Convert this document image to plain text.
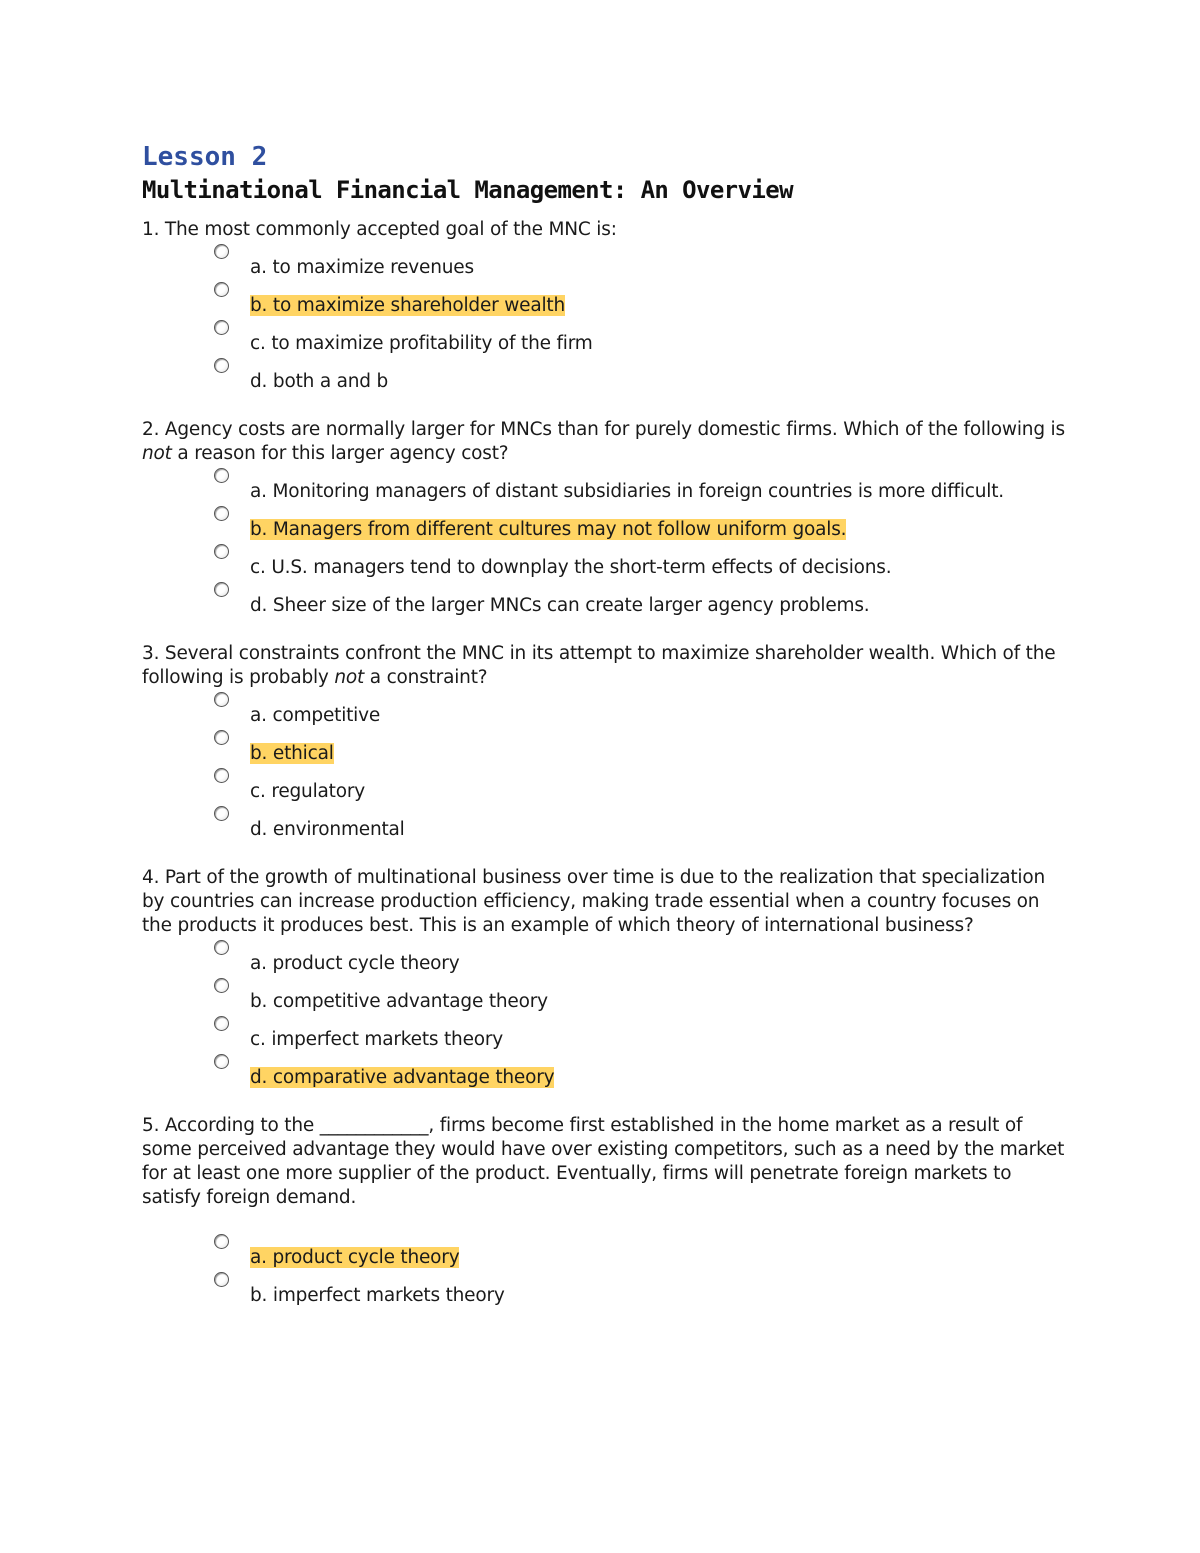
Lesson 2
Multinational Financial Management: An Overview

1. The most commonly accepted goal of the MNC is:

a. to maximize revenues
b. to maximize shareholder wealth
c. to maximize profitability of the firm
d. both a and b

2. Agency costs are normally larger for MNCs than for purely domestic firms. Which of the following is not a reason for this larger agency cost?

a. Monitoring managers of distant subsidiaries in foreign countries is more difficult.
b. Managers from different cultures may not follow uniform goals.
c. U.S. managers tend to downplay the short-term effects of decisions.
d. Sheer size of the larger MNCs can create larger agency problems.

3. Several constraints confront the MNC in its attempt to maximize shareholder wealth. Which of the following is probably not a constraint?

a. competitive
b. ethical
c. regulatory
d. environmental

4. Part of the growth of multinational business over time is due to the realization that specialization by countries can increase production efficiency, making trade essential when a country focuses on the products it produces best. This is an example of which theory of international business?

a. product cycle theory
b. competitive advantage theory
c. imperfect markets theory
d. comparative advantage theory

5. According to the ____________, firms become first established in the home market as a result of some perceived advantage they would have over existing competitors, such as a need by the market for at least one more supplier of the product. Eventually, firms will penetrate foreign markets to satisfy foreign demand.

a. product cycle theory
b. imperfect markets theory
